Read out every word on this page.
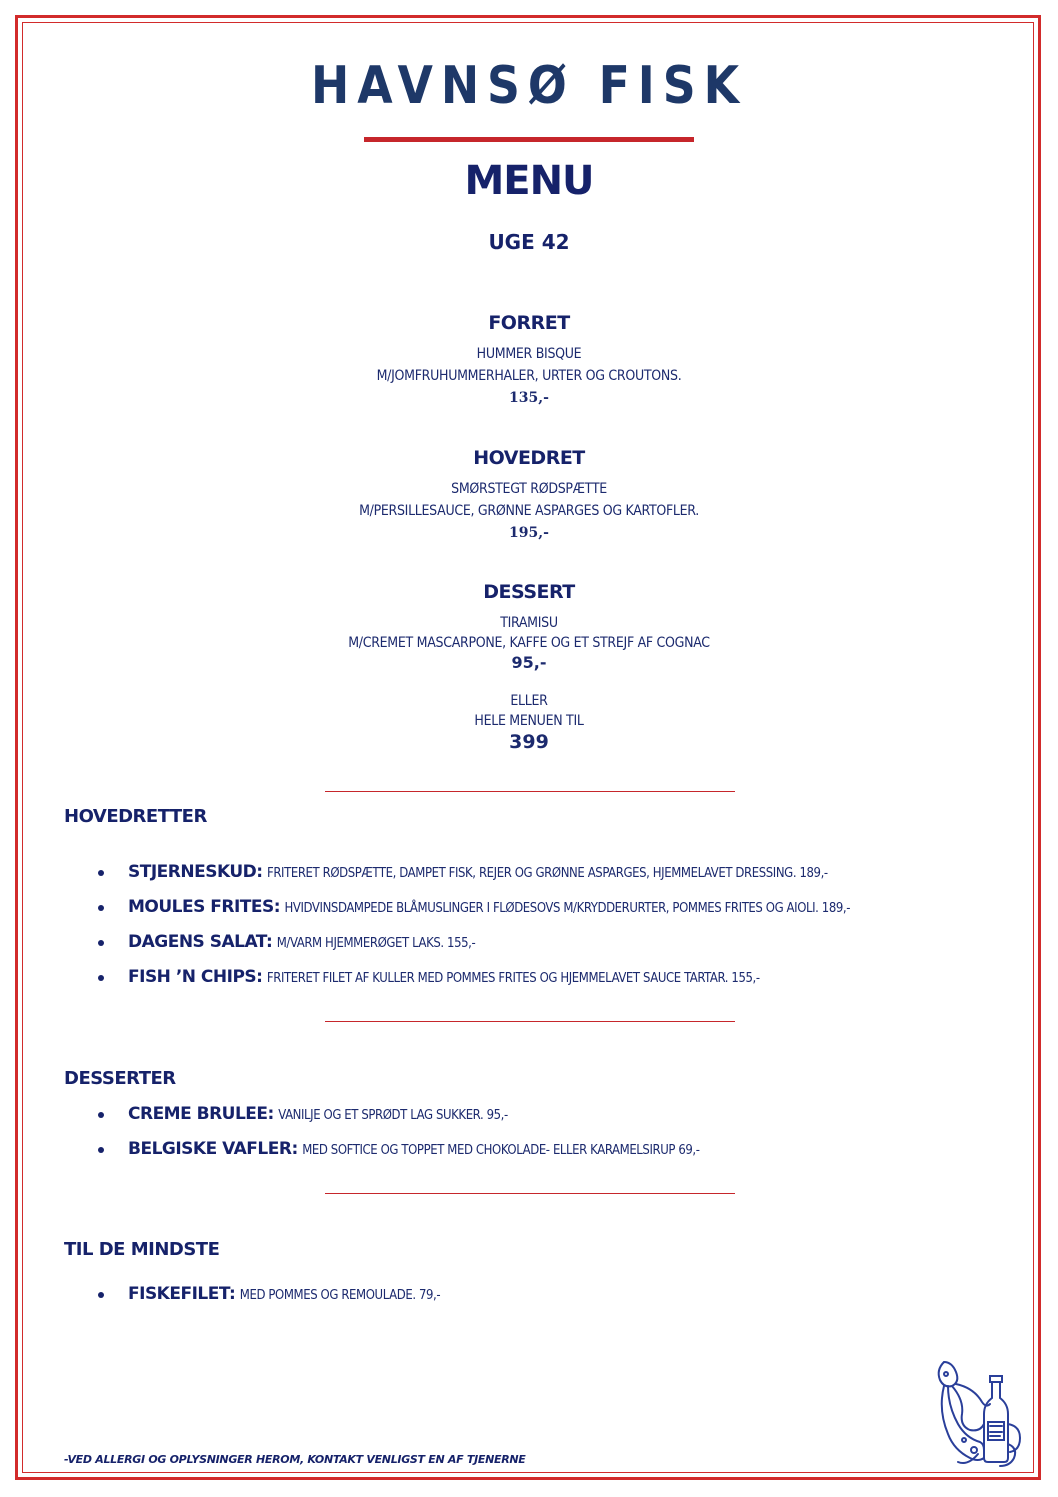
HAVNSØ FISK
MENU
UGE 42
FORRET
HUMMER BISQUE
M/JOMFRUHUMMERHALER, URTER OG CROUTONS.
135,-
HOVEDRET
SMØRSTEGT RØDSPÆTTE
M/PERSILLESAUCE, GRØNNE ASPARGES OG KARTOFLER.
195,-
DESSERT
TIRAMISU
M/CREMET MASCARPONE, KAFFE OG ET STREJF AF COGNAC
95,-
ELLER
HELE MENUEN TIL
399
HOVEDRETTER
STJERNESKUD: FRITERET RØDSPÆTTE, DAMPET FISK, REJER OG GRØNNE ASPARGES, HJEMMELAVET DRESSING. 189,-
MOULES FRITES: HVIDVINSDAMPEDE BLÅMUSLINGER I FLØDESOVS M/KRYDDERURTER, POMMES FRITES OG AIOLI. 189,-
DAGENS SALAT: M/VARM HJEMMERØGET LAKS. 155,-
FISH ’N CHIPS: FRITERET FILET AF KULLER MED POMMES FRITES OG HJEMMELAVET SAUCE TARTAR. 155,-
DESSERTER
CREME BRULEE: VANILJE OG ET SPRØDT LAG SUKKER. 95,-
BELGISKE VAFLER: MED SOFTICE OG TOPPET MED CHOKOLADE- ELLER KARAMELSIRUP 69,-
TIL DE MINDSTE
FISKEFILET: MED POMMES OG REMOULADE. 79,-
-VED ALLERGI OG OPLYSNINGER HEROM, KONTAKT VENLIGST EN AF TJENERNE
